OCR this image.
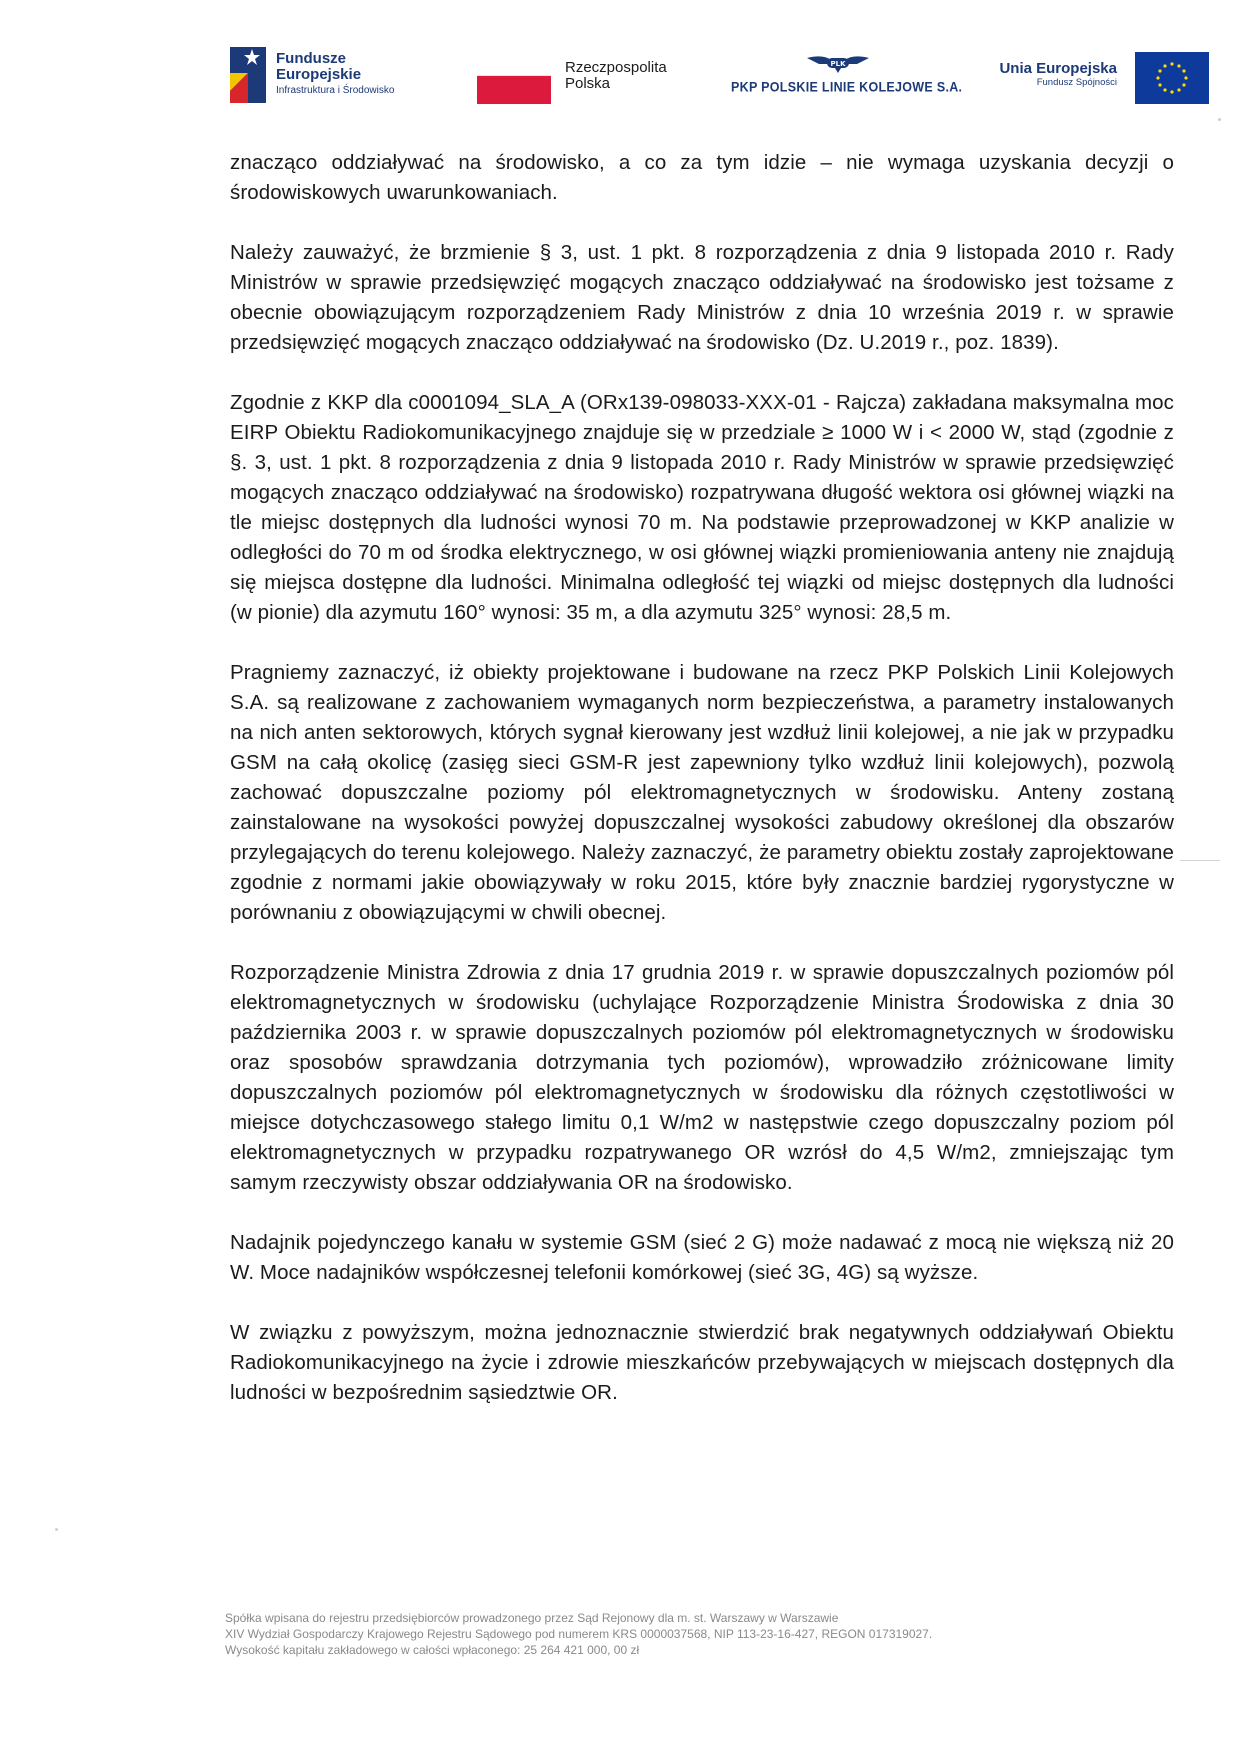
Fundusze
Europejskie
Infrastruktura i Środowisko
Rzeczpospolita
Polska
PLK
PKP POLSKIE LINIE KOLEJOWE S.A.
Unia Europejska
Fundusz Spójności

znacząco oddziaływać na środowisko, a co za tym idzie – nie wymaga uzyskania decyzji o środowiskowych uwarunkowaniach.

Należy zauważyć, że brzmienie § 3, ust. 1 pkt. 8 rozporządzenia z dnia 9 listopada 2010 r. Rady Ministrów w sprawie przedsięwzięć mogących znacząco oddziaływać na środowisko jest tożsame z obecnie obowiązującym rozporządzeniem Rady Ministrów z dnia 10 września 2019 r. w sprawie przedsięwzięć mogących znacząco oddziaływać na środowisko (Dz. U.2019 r., poz. 1839).

Zgodnie z KKP dla c0001094_SLA_A (ORx139-098033-XXX-01 - Rajcza) zakładana maksymalna moc EIRP Obiektu Radiokomunikacyjnego znajduje się w przedziale ≥ 1000 W i < 2000 W, stąd (zgodnie z §. 3, ust. 1 pkt. 8 rozporządzenia z dnia 9 listopada 2010 r. Rady Ministrów w sprawie przedsięwzięć mogących znacząco oddziaływać na środowisko) rozpatrywana długość wektora osi głównej wiązki na tle miejsc dostępnych dla ludności wynosi 70 m. Na podstawie przeprowadzonej w KKP analizie w odległości do 70 m od środka elektrycznego, w osi głównej wiązki promieniowania anteny nie znajdują się miejsca dostępne dla ludności. Minimalna odległość tej wiązki od miejsc dostępnych dla ludności (w pionie) dla azymutu 160° wynosi: 35 m, a dla azymutu 325° wynosi: 28,5 m.

Pragniemy zaznaczyć, iż obiekty projektowane i budowane na rzecz PKP Polskich Linii Kolejowych S.A. są realizowane z zachowaniem wymaganych norm bezpieczeństwa, a parametry instalowanych na nich anten sektorowych, których sygnał kierowany jest wzdłuż linii kolejowej, a nie jak w przypadku GSM na całą okolicę (zasięg sieci GSM-R jest zapewniony tylko wzdłuż linii kolejowych), pozwolą zachować dopuszczalne poziomy pól elektromagnetycznych w środowisku. Anteny zostaną zainstalowane na wysokości powyżej dopuszczalnej wysokości zabudowy określonej dla obszarów przylegających do terenu kolejowego. Należy zaznaczyć, że parametry obiektu zostały zaprojektowane zgodnie z normami jakie obowiązywały w roku 2015, które były znacznie bardziej rygorystyczne w porównaniu z obowiązującymi w chwili obecnej.

Rozporządzenie Ministra Zdrowia z dnia 17 grudnia 2019 r. w sprawie dopuszczalnych poziomów pól elektromagnetycznych w środowisku (uchylające Rozporządzenie Ministra Środowiska z dnia 30 października 2003 r. w sprawie dopuszczalnych poziomów pól elektromagnetycznych w środowisku oraz sposobów sprawdzania dotrzymania tych poziomów), wprowadziło zróżnicowane limity dopuszczalnych poziomów pól elektromagnetycznych w środowisku dla różnych częstotliwości w miejsce dotychczasowego stałego limitu 0,1 W/m2 w następstwie czego dopuszczalny poziom pól elektromagnetycznych w przypadku rozpatrywanego OR wzrósł do 4,5 W/m2, zmniejszając tym samym rzeczywisty obszar oddziaływania OR na środowisko.

Nadajnik pojedynczego kanału w systemie GSM (sieć 2 G) może nadawać z mocą nie większą niż 20 W. Moce nadajników współczesnej telefonii komórkowej (sieć 3G, 4G) są wyższe.

W związku z powyższym, można jednoznacznie stwierdzić brak negatywnych oddziaływań Obiektu Radiokomunikacyjnego na życie i zdrowie mieszkańców przebywających w miejscach dostępnych dla ludności w bezpośrednim sąsiedztwie OR.

Spółka wpisana do rejestru przedsiębiorców prowadzonego przez Sąd Rejonowy dla m. st. Warszawy w Warszawie
XIV Wydział Gospodarczy Krajowego Rejestru Sądowego pod numerem KRS 0000037568, NIP 113-23-16-427, REGON 017319027.
Wysokość kapitału zakładowego w całości wpłaconego: 25 264 421 000, 00 zł
